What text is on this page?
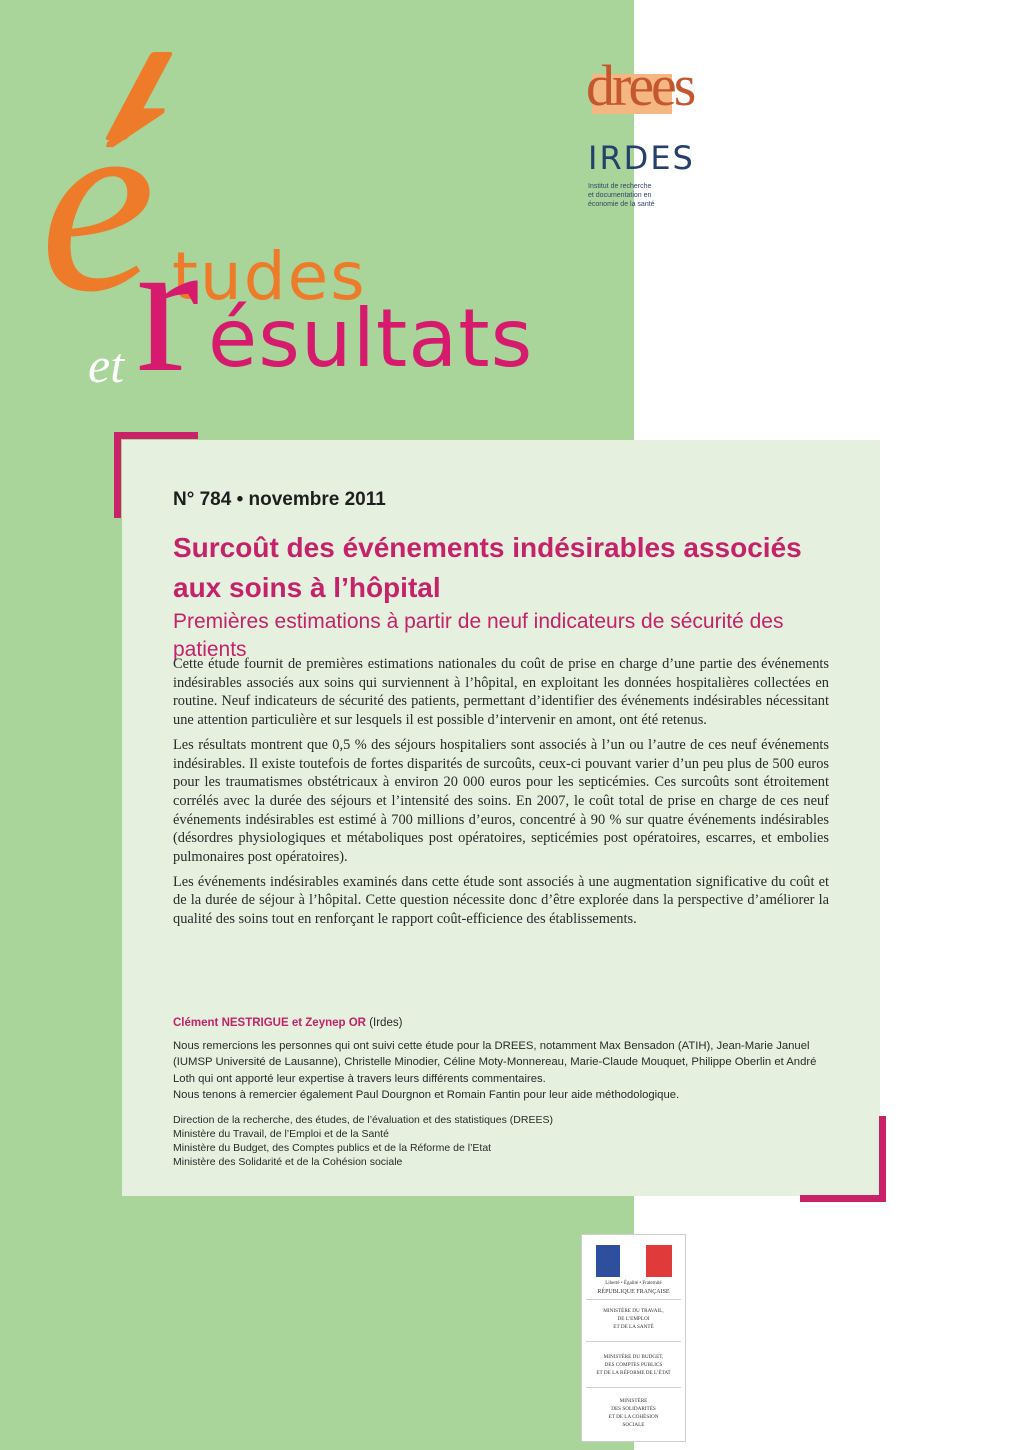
é tudes
r ésultats
et
drees
IRDES
Institut de recherche
et documentation en
économie de la santé
N° 784 • novembre 2011
Surcoût des événements indésirables associés
aux soins à l’hôpital
Premières estimations à partir de neuf indicateurs de sécurité des patients

Cette étude fournit de premières estimations nationales du coût de prise en charge d’une partie des événements indésirables associés aux soins qui surviennent à l’hôpital, en exploitant les données hospitalières collectées en routine. Neuf indicateurs de sécurité des patients, permettant d’identifier des événements indésirables nécessitant une attention particulière et sur lesquels il est possible d’intervenir en amont, ont été retenus.

Les résultats montrent que 0,5 % des séjours hospitaliers sont associés à l’un ou l’autre de ces neuf événements indésirables. Il existe toutefois de fortes disparités de surcoûts, ceux-ci pouvant varier d’un peu plus de 500 euros pour les traumatismes obstétricaux à environ 20 000 euros pour les septicémies. Ces surcoûts sont étroitement corrélés avec la durée des séjours et l’intensité des soins. En 2007, le coût total de prise en charge de ces neuf événements indésirables est estimé à 700 millions d’euros, concentré à 90 % sur quatre événements indésirables (désordres physiologiques et métaboliques post opératoires, septicémies post opératoires, escarres, et embolies pulmonaires post opératoires).

Les événements indésirables examinés dans cette étude sont associés à une augmentation significative du coût et de la durée de séjour à l’hôpital. Cette question nécessite donc d’être explorée dans la perspective d’améliorer la qualité des soins tout en renforçant le rapport coût-efficience des établissements.

Clément NESTRIGUE et Zeynep OR (Irdes)

Nous remercions les personnes qui ont suivi cette étude pour la DREES, notamment Max Bensadon (ATIH), Jean-Marie Januel (IUMSP Université de Lausanne), Christelle Minodier, Céline Moty-Monnereau, Marie-Claude Mouquet, Philippe Oberlin et André Loth qui ont apporté leur expertise à travers leurs différents commentaires.

Nous tenons à remercier également Paul Dourgnon et Romain Fantin pour leur aide méthodologique.

Direction de la recherche, des études, de l’évaluation et des statistiques (DREES)
Ministère du Travail, de l’Emploi et de la Santé
Ministère du Budget, des Comptes publics et de la Réforme de l’Etat
Ministère des Solidarité et de la Cohésion sociale
Liberté • Égalité • Fraternité
RÉPUBLIQUE FRANÇAISE
MINISTÈRE DU TRAVAIL,
DE L’EMPLOI
ET DE LA SANTÉ
MINISTÈRE DU BUDGET,
DES COMPTES PUBLICS
ET DE LA RÉFORME DE L’ÉTAT
MINISTÈRE
DES SOLIDARITÉS
ET DE LA COHÉSION
SOCIALE
